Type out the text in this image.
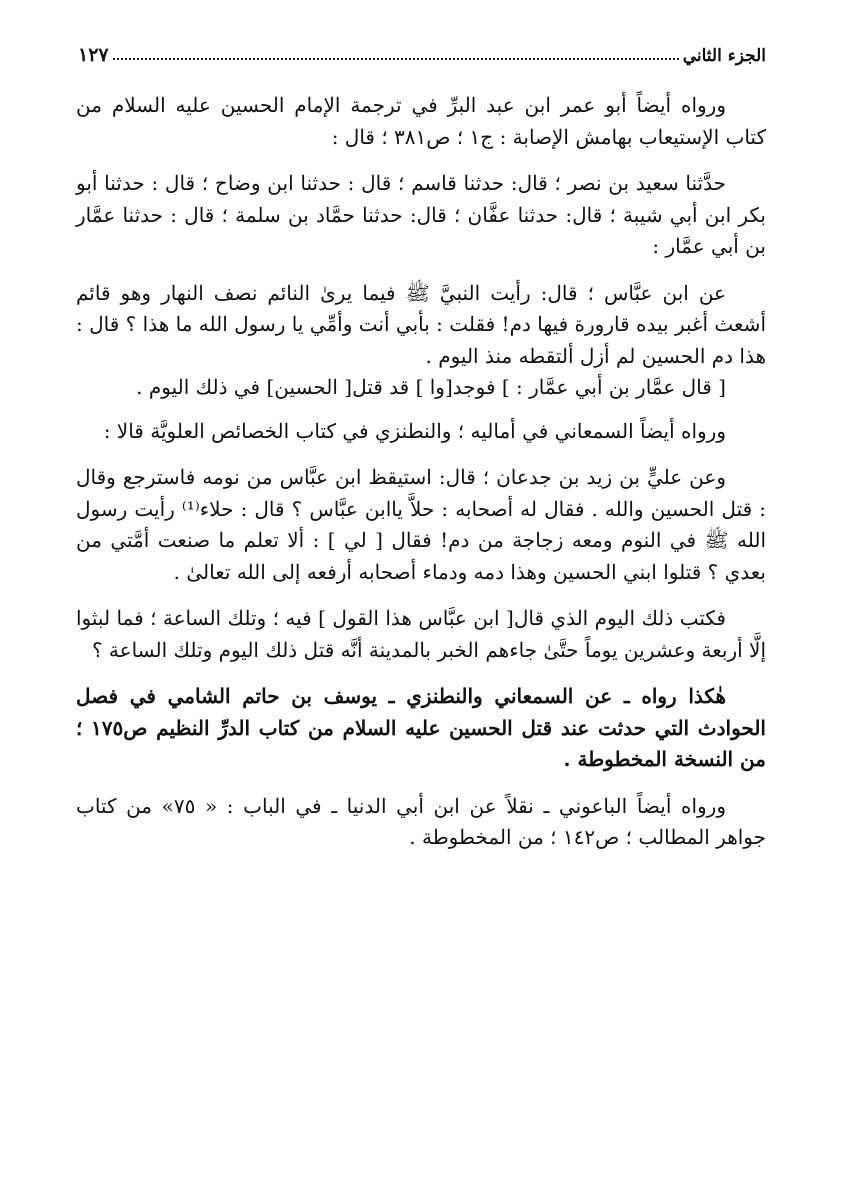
الجزء الثاني
١٢٧

ورواه أيضاً أبو عمر ابن عبد البرِّ في ترجمة الإمام الحسين عليه السلام من كتاب الإستيعاب بهامش الإصابة : ج١ ؛ ص٣٨١ ؛ قال :

حدَّثنا سعيد بن نصر ؛ قال: حدثنا قاسم ؛ قال : حدثنا ابن وضاح ؛ قال : حدثنا أبو بكر ابن أبي شيبة ؛ قال: حدثنا عفَّان ؛ قال: حدثنا حمَّاد بن سلمة ؛ قال : حدثنا عمَّار بن أبي عمَّار :

عن ابن عبَّاس ؛ قال: رأيت النبيَّ ﷺ فيما يرىٰ النائم نصف النهار وهو قائم أشعث أغبر بيده قارورة فيها دم! فقلت : بأبي أنت وأمِّي يا رسول الله ما هذا ؟ قال : هذا دم الحسين لم أزل ألتقطه منذ اليوم .

[ قال عمَّار بن أبي عمَّار : ] فوجد[وا ] قد قتل[ الحسين] في ذلك اليوم .

ورواه أيضاً السمعاني في أماليه ؛ والنطنزي في كتاب الخصائص العلويَّة قالا :

وعن عليٍّ بن زيد بن جدعان ؛ قال: استيقظ ابن عبَّاس من نومه فاسترجع وقال : قتل الحسين والله . فقال له أصحابه : حلاَّ ياابن عبَّاس ؟ قال : حلاء⁽¹⁾ رأيت رسول الله ﷺ في النوم ومعه زجاجة من دم! فقال [ لي ] : ألا تعلم ما صنعت أمَّتي من بعدي ؟ قتلوا ابني الحسين وهذا دمه ودماء أصحابه أرفعه إلى الله تعالىٰ .

فكتب ذلك اليوم الذي قال[ ابن عبَّاس هذا القول ] فيه ؛ وتلك الساعة ؛ فما لبثوا إلَّا أربعة وعشرين يوماً حتَّىٰ جاءهم الخبر بالمدينة أنَّه قتل ذلك اليوم وتلك الساعة ؟

هٰكذا رواه ـ عن السمعاني والنطنزي ـ يوسف بن حاتم الشامي في فصل الحوادث التي حدثت عند قتل الحسين عليه السلام من كتاب الدرِّ النظيم ص١٧٥ ؛ من النسخة المخطوطة .

ورواه أيضاً الباعوني ـ نقلاً عن ابن أبي الدنيا ـ في الباب : « ٧٥» من كتاب جواهر المطالب ؛ ص١٤٢ ؛ من المخطوطة .
